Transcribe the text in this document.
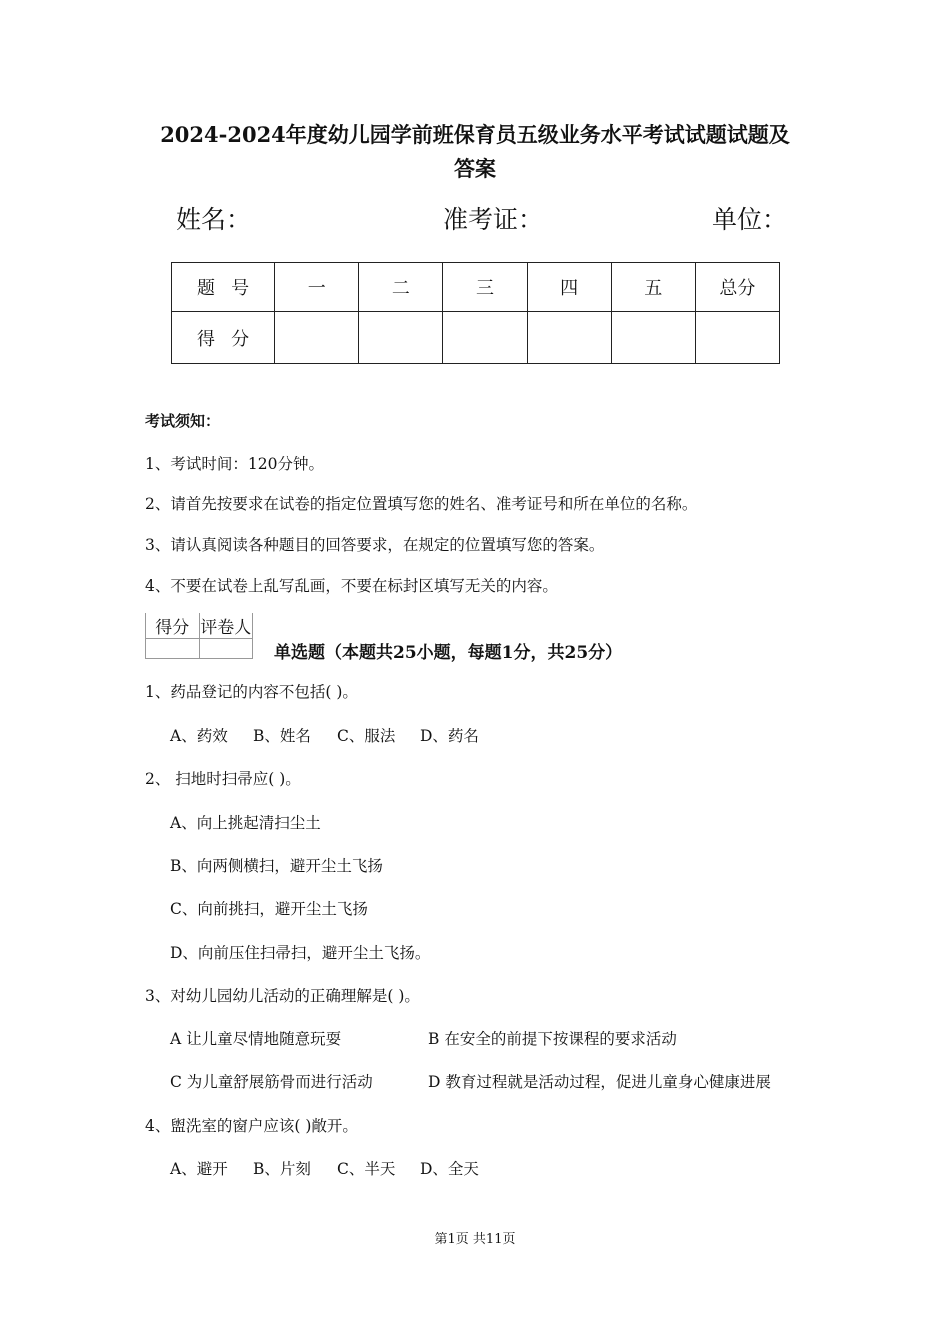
2024-2024年度幼儿园学前班保育员五级业务水平考试试题试题及
答案
姓名：	准考证：	单位：
题号	一	二	三	四	五	总分
得分						
考试须知：
1、考试时间：120分钟。
2、请首先按要求在试卷的指定位置填写您的姓名、准考证号和所在单位的名称。
3、请认真阅读各种题目的回答要求，在规定的位置填写您的答案。
4、不要在试卷上乱写乱画，不要在标封区填写无关的内容。
得分	评卷人

单选题（本题共25小题，每题1分，共25分）
1、药品登记的内容不包括( )。
A、药效 B、姓名 C、服法 D、药名
2、 扫地时扫帚应( )。
A、向上挑起清扫尘土
B、向两侧横扫，避开尘土飞扬
C、向前挑扫，避开尘土飞扬
D、向前压住扫帚扫，避开尘土飞扬。
3、对幼儿园幼儿活动的正确理解是( )。
A 让儿童尽情地随意玩耍	B 在安全的前提下按课程的要求活动
C 为儿童舒展筋骨而进行活动	D 教育过程就是活动过程，促进儿童身心健康进展
4、盥洗室的窗户应该( )敞开。
A、避开 B、片刻 C、半天 D、全天
第1页 共11页
